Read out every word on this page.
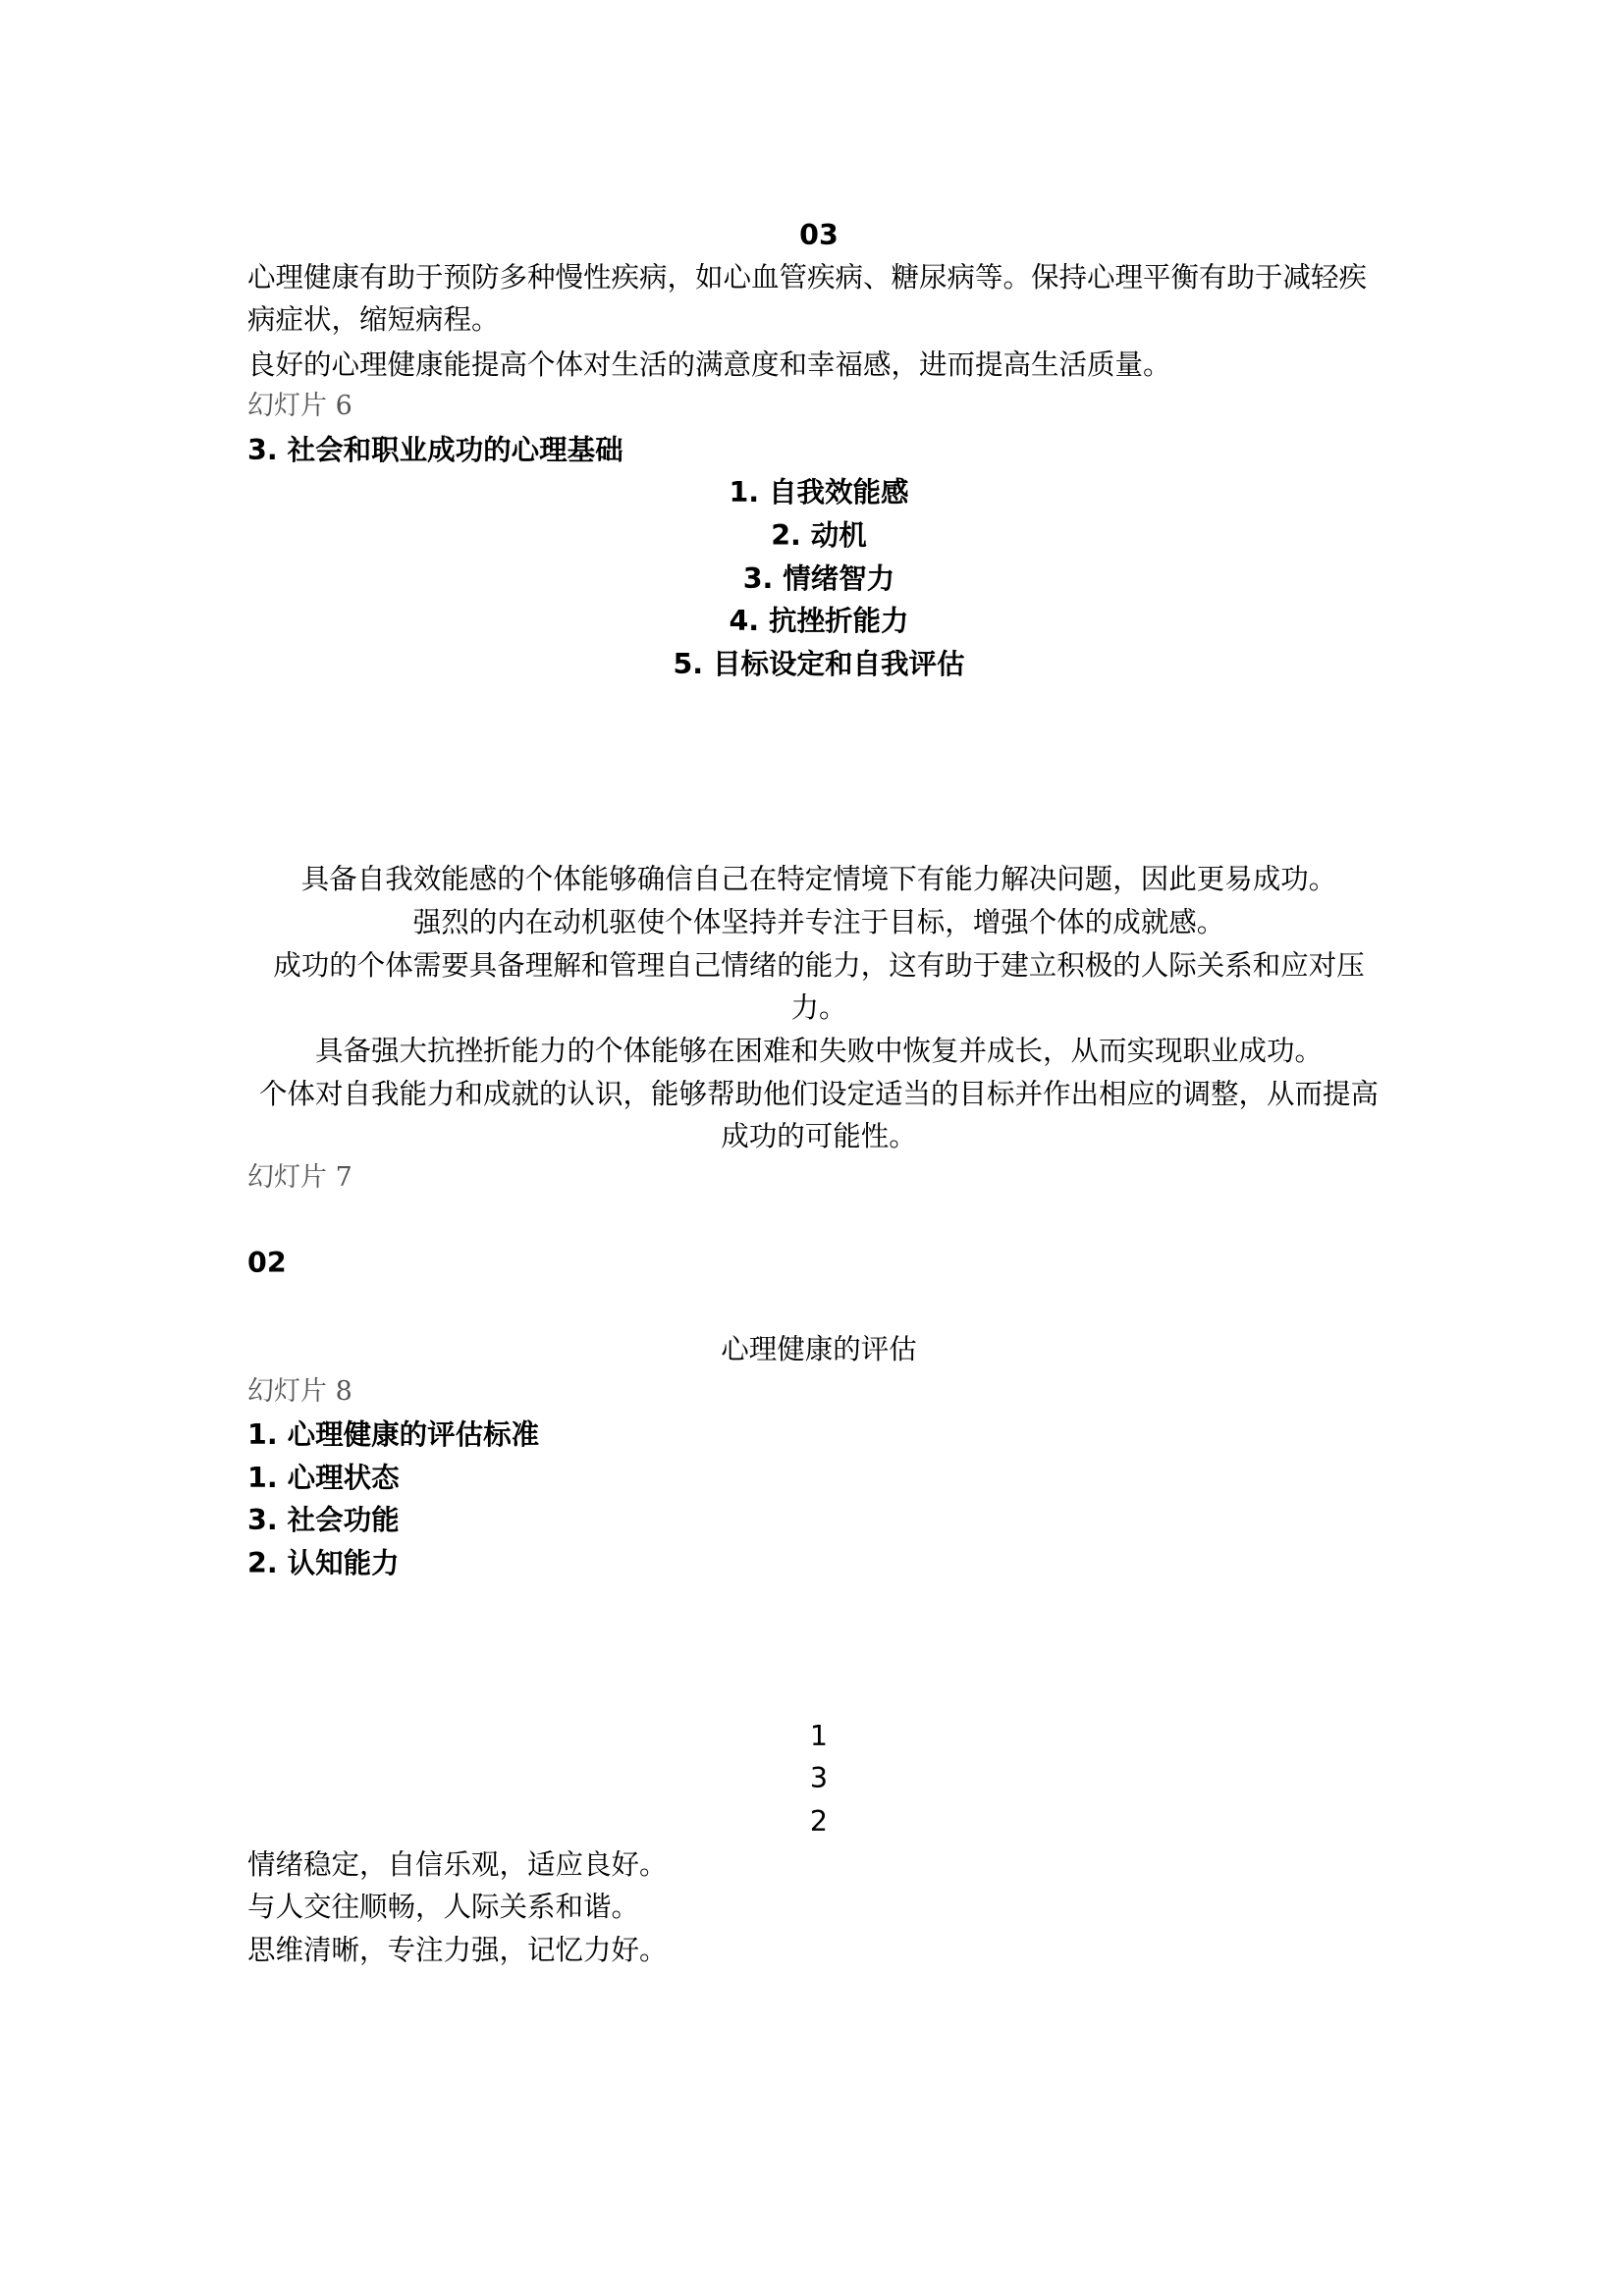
03
心理健康有助于预防多种慢性疾病，如心血管疾病、糖尿病等。保持心理平衡有助于减轻疾
病症状，缩短病程。
良好的心理健康能提高个体对生活的满意度和幸福感，进而提高生活质量。
幻灯片 6
3. 社会和职业成功的心理基础
1. 自我效能感
2. 动机
3. 情绪智力
4. 抗挫折能力
5. 目标设定和自我评估
具备自我效能感的个体能够确信自己在特定情境下有能力解决问题，因此更易成功。
强烈的内在动机驱使个体坚持并专注于目标，增强个体的成就感。
成功的个体需要具备理解和管理自己情绪的能力，这有助于建立积极的人际关系和应对压
力。
具备强大抗挫折能力的个体能够在困难和失败中恢复并成长，从而实现职业成功。
个体对自我能力和成就的认识，能够帮助他们设定适当的目标并作出相应的调整，从而提高
成功的可能性。
幻灯片 7
02
心理健康的评估
幻灯片 8
1. 心理健康的评估标准
1. 心理状态
3. 社会功能
2. 认知能力
1
3
2
情绪稳定，自信乐观，适应良好。
与人交往顺畅，人际关系和谐。
思维清晰，专注力强，记忆力好。
